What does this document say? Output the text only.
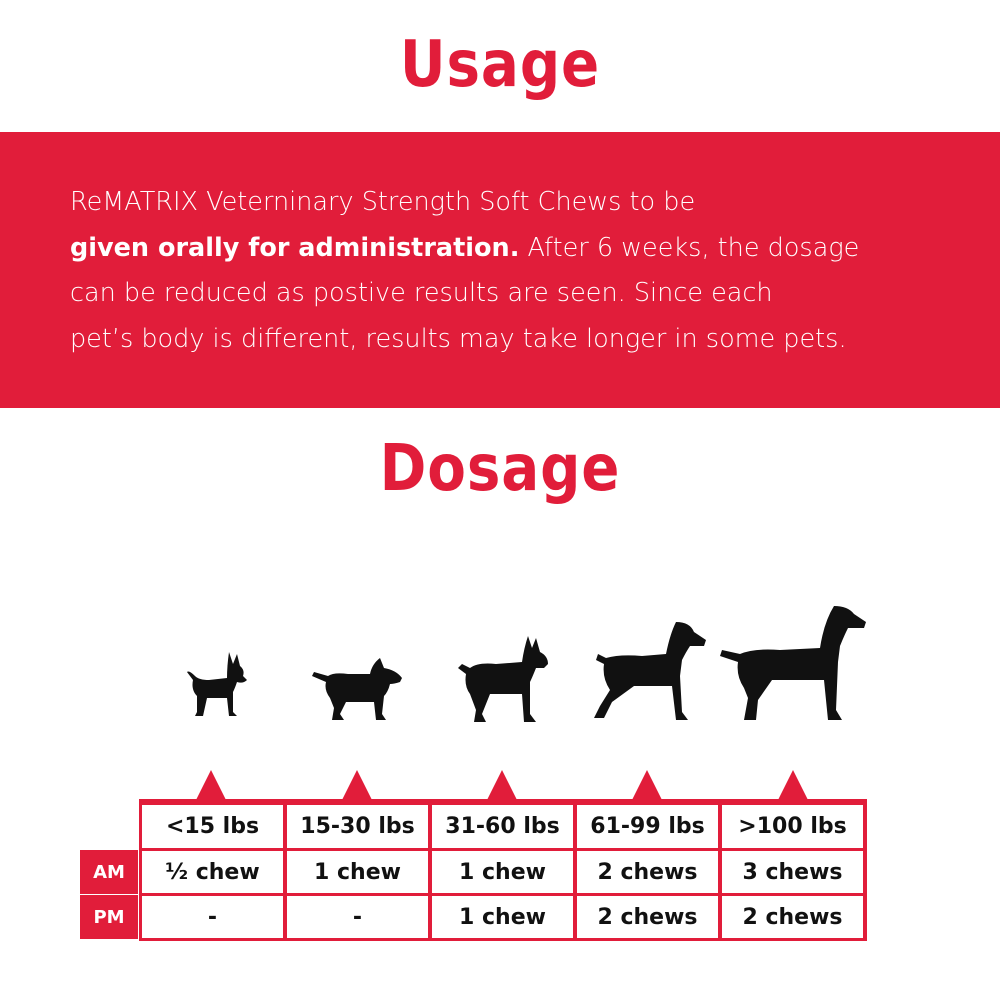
Usage
ReMATRIX Veterninary Strength Soft Chews to be
given orally for administration. After 6 weeks, the dosage
can be reduced as postive results are seen. Since each
pet’s body is different, results may take longer in some pets.
Dosage
<15 lbs	15-30 lbs	31-60 lbs	61-99 lbs	>100 lbs
AM	½ chew	1 chew	1 chew	2 chews	3 chews
PM	-	-	1 chew	2 chews	2 chews
